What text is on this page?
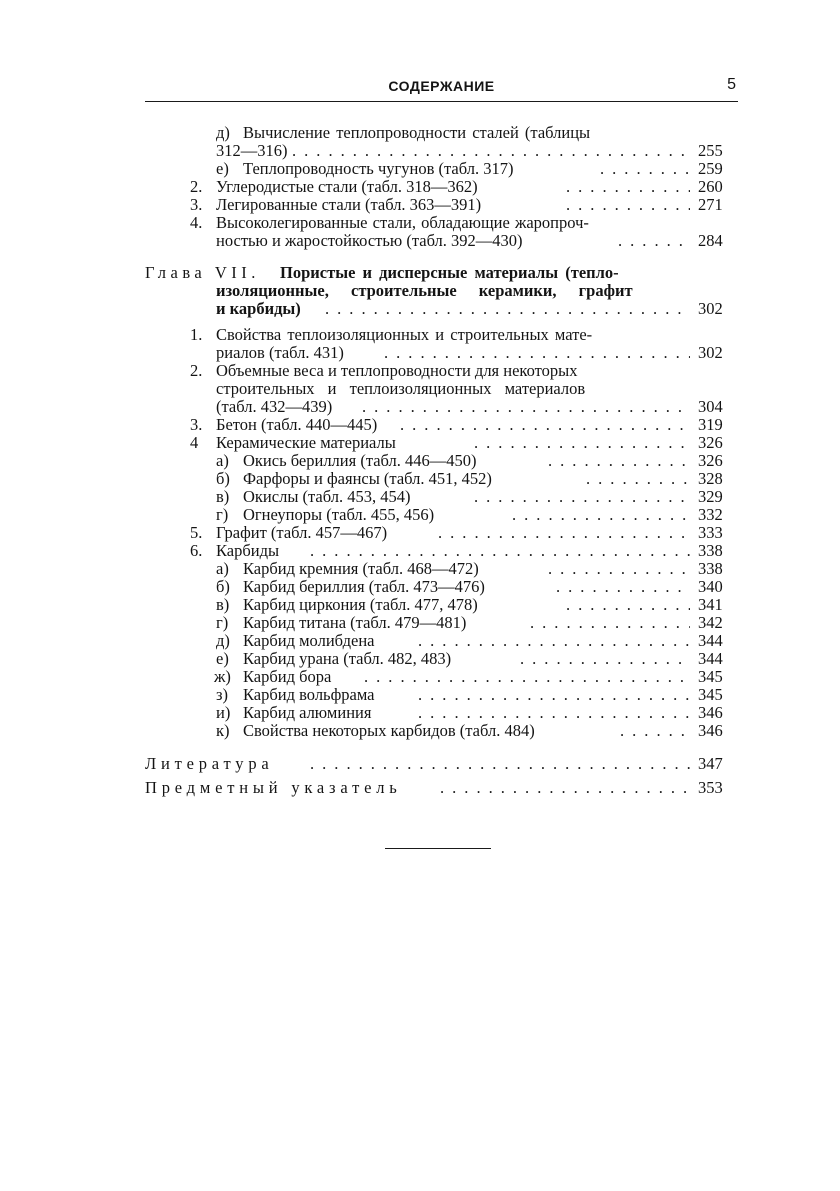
СОДЕРЖАНИЕ	5
д) Вычисление теплопроводности сталей (таблицы
312—316) . . .	255
е) Теплопроводность чугунов (табл. 317) . . .	259
2. Углеродистые стали (табл. 318—362) . . .	260
3. Легированные стали (табл. 363—391) . . .	271
4. Высоколегированные стали, обладающие жаропроч-
ностью и жаростойкостью (табл. 392—430) . . .	284
Глава VII. Пористые и дисперсные материалы (тепло-
изоляционные, строительные керамики, графит
и карбиды) . . .	302
1. Свойства теплоизоляционных и строительных мате-
риалов (табл. 431) . . .	302
2. Объемные веса и теплопроводности для некоторых
строительных и теплоизоляционных материалов
(табл. 432—439) . . .	304
3. Бетон (табл. 440—445) . . .	319
4 Керамические материалы . . .	326
а) Окись бериллия (табл. 446—450) . . .	326
б) Фарфоры и фаянсы (табл. 451, 452) . . .	328
в) Окислы (табл. 453, 454) . . .	329
г) Огнеупоры (табл. 455, 456) . . .	332
5. Графит (табл. 457—467) . . .	333
6. Карбиды . . .	338
а) Карбид кремния (табл. 468—472) . . .	338
б) Карбид бериллия (табл. 473—476) . . .	340
в) Карбид циркония (табл. 477, 478) . . .	341
г) Карбид титана (табл. 479—481) . . .	342
д) Карбид молибдена . . .	344
е) Карбид урана (табл. 482, 483) . . .	344
ж) Карбид бора . . .	345
з) Карбид вольфрама . . .	345
и) Карбид алюминия . . .	346
к) Свойства некоторых карбидов (табл. 484) . . .	346
Литература . . .	347
Предметный указатель . . .	353
